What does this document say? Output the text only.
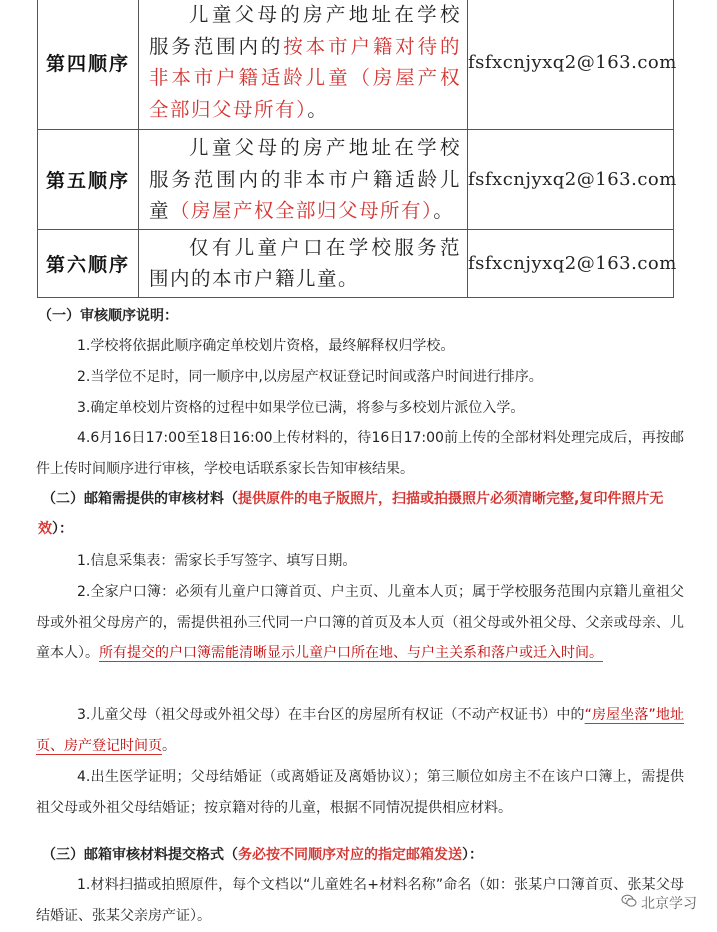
第四顺序	儿童父母的房产地址在学校服务范围内的按本市户籍对待的非本市户籍适龄儿童（房屋产权全部归父母所有）。	fsfxcnjyxq2@163.com
第五顺序	儿童父母的房产地址在学校服务范围内的非本市户籍适龄儿童（房屋产权全部归父母所有）。	fsfxcnjyxq2@163.com
第六顺序	仅有儿童户口在学校服务范围内的本市户籍儿童。	fsfxcnjyxq2@163.com
（一）审核顺序说明：
1.学校将依据此顺序确定单校划片资格，最终解释权归学校。
2.当学位不足时，同一顺序中,以房屋产权证登记时间或落户时间进行排序。
3.确定单校划片资格的过程中如果学位已满，将参与多校划片派位入学。
4.6月16日17:00至18日16:00上传材料的，待16日17:00前上传的全部材料处理完成后，再按邮件上传时间顺序进行审核，学校电话联系家长告知审核结果。
（二）邮箱需提供的审核材料（提供原件的电子版照片，扫描或拍摄照片必须清晰完整,复印件照片无效）：
1.信息采集表：需家长手写签字、填写日期。
2.全家户口簿：必须有儿童户口簿首页、户主页、儿童本人页；属于学校服务范围内京籍儿童祖父母或外祖父母房产的，需提供祖孙三代同一户口簿的首页及本人页（祖父母或外祖父母、父亲或母亲、儿童本人）。所有提交的户口簿需能清晰显示儿童户口所在地、与户主关系和落户或迁入时间。
3.儿童父母（祖父母或外祖父母）在丰台区的房屋所有权证（不动产权证书）中的“房屋坐落”地址页、房产登记时间页。
4.出生医学证明；父母结婚证（或离婚证及离婚协议）；第三顺位如房主不在该户口簿上，需提供祖父母或外祖父母结婚证；按京籍对待的儿童，根据不同情况提供相应材料。
（三）邮箱审核材料提交格式（务必按不同顺序对应的指定邮箱发送）：
1.材料扫描或拍照原件，每个文档以“儿童姓名+材料名称”命名（如：张某户口簿首页、张某父母结婚证、张某父亲房产证）。
北京学习
